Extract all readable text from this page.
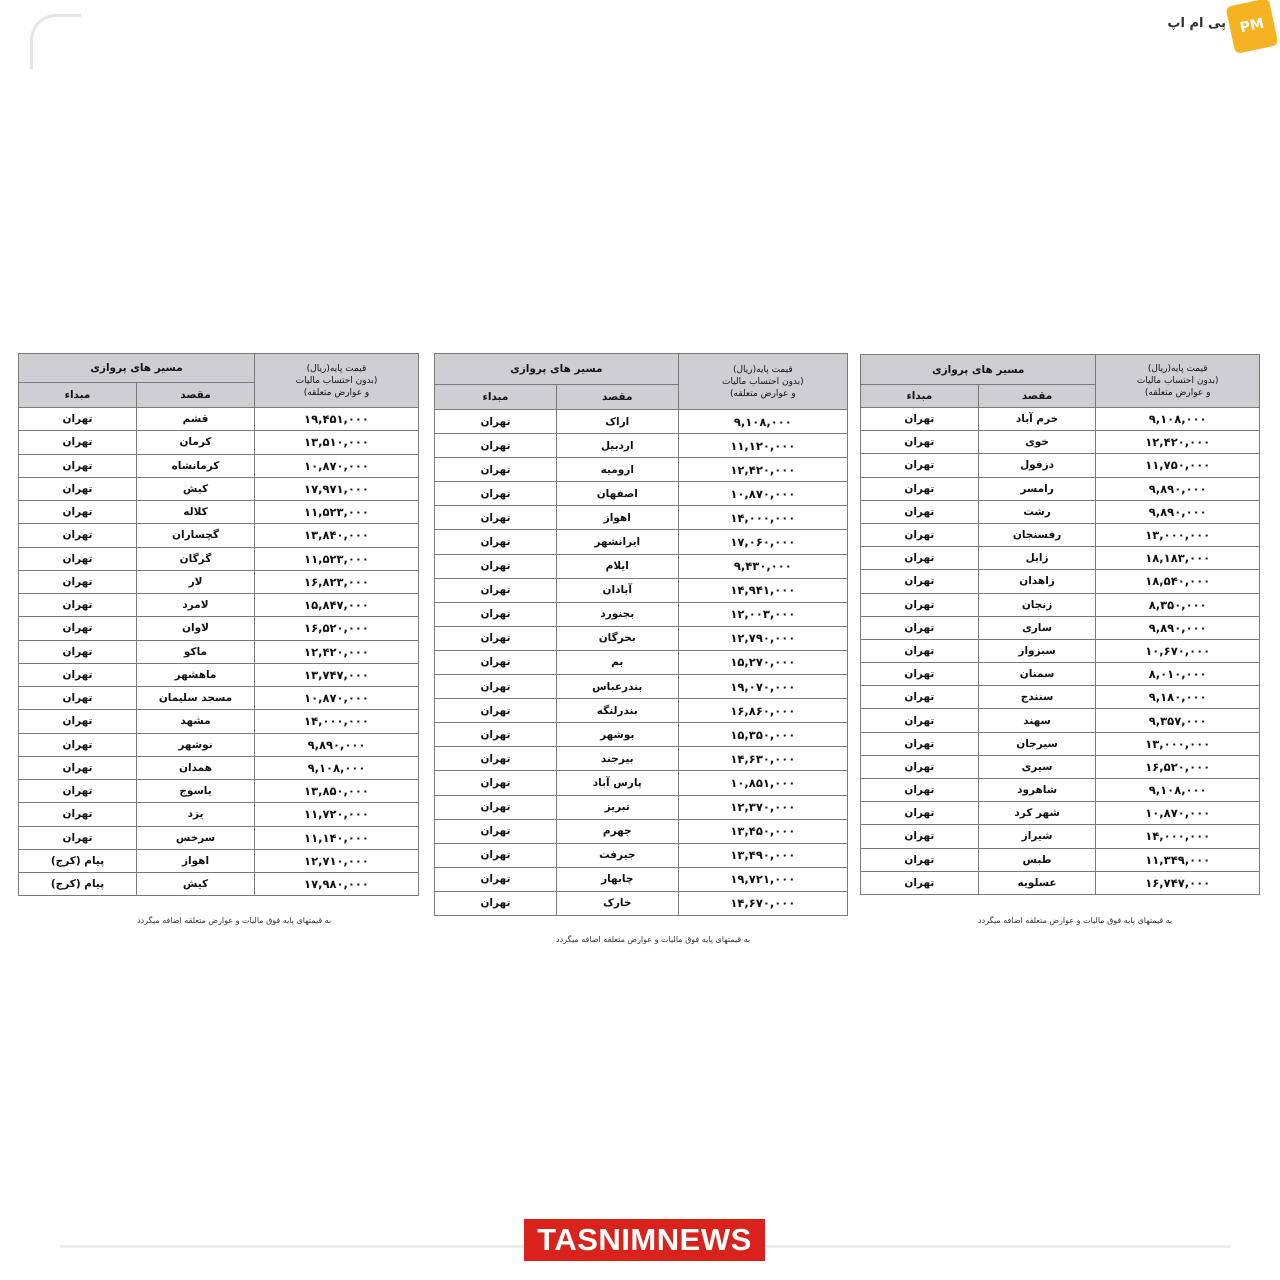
پی ام اپ PM UP
قیمت پایه(ریال)
(بدون احتساب مالیات
و عوارض متعلقه)	مسیر های پروازی	
	مقصد	مبداء
۹,۱۰۸,۰۰۰	خرم آباد	تهران
۱۲,۴۲۰,۰۰۰	خوی	تهران
۱۱,۷۵۰,۰۰۰	دزفول	تهران
۹,۸۹۰,۰۰۰	رامسر	تهران
۹,۸۹۰,۰۰۰	رشت	تهران
۱۳,۰۰۰,۰۰۰	رفسنجان	تهران
۱۸,۱۸۳,۰۰۰	زابل	تهران
۱۸,۵۴۰,۰۰۰	زاهدان	تهران
۸,۳۵۰,۰۰۰	زنجان	تهران
۹,۸۹۰,۰۰۰	ساری	تهران
۱۰,۶۷۰,۰۰۰	سبزوار	تهران
۸,۰۱۰,۰۰۰	سمنان	تهران
۹,۱۸۰,۰۰۰	سنندج	تهران
۹,۳۵۷,۰۰۰	سهند	تهران
۱۳,۰۰۰,۰۰۰	سیرجان	تهران
۱۶,۵۲۰,۰۰۰	سیری	تهران
۹,۱۰۸,۰۰۰	شاهرود	تهران
۱۰,۸۷۰,۰۰۰	شهر کرد	تهران
۱۴,۰۰۰,۰۰۰	شیراز	تهران
۱۱,۳۴۹,۰۰۰	طبس	تهران
۱۶,۷۴۷,۰۰۰	عسلویه	تهران
قیمت پایه(ریال)
(بدون احتساب مالیات
و عوارض متعلقه)	مسیر های پروازی	
	مقصد	مبداء
۹,۱۰۸,۰۰۰	اراک	تهران
۱۱,۱۲۰,۰۰۰	اردبیل	تهران
۱۲,۴۲۰,۰۰۰	ارومیه	تهران
۱۰,۸۷۰,۰۰۰	اصفهان	تهران
۱۴,۰۰۰,۰۰۰	اهواز	تهران
۱۷,۰۶۰,۰۰۰	ایرانشهر	تهران
۹,۴۳۰,۰۰۰	ایلام	تهران
۱۴,۹۴۱,۰۰۰	آبادان	تهران
۱۲,۰۰۳,۰۰۰	بجنورد	تهران
۱۲,۷۹۰,۰۰۰	بحرگان	تهران
۱۵,۲۷۰,۰۰۰	بم	تهران
۱۹,۰۷۰,۰۰۰	بندرعباس	تهران
۱۶,۸۶۰,۰۰۰	بندرلنگه	تهران
۱۵,۳۵۰,۰۰۰	بوشهر	تهران
۱۴,۶۳۰,۰۰۰	بیرجند	تهران
۱۰,۸۵۱,۰۰۰	پارس آباد	تهران
۱۲,۳۷۰,۰۰۰	تبریز	تهران
۱۳,۴۵۰,۰۰۰	جهرم	تهران
۱۳,۴۹۰,۰۰۰	جیرفت	تهران
۱۹,۷۲۱,۰۰۰	چابهار	تهران
۱۴,۶۷۰,۰۰۰	خارک	تهران
قیمت پایه(ریال)
(بدون احتساب مالیات
و عوارض متعلقه)	مسیر های پروازی	
	مقصد	مبداء
۱۹,۴۵۱,۰۰۰	قشم	تهران
۱۳,۵۱۰,۰۰۰	کرمان	تهران
۱۰,۸۷۰,۰۰۰	کرمانشاه	تهران
۱۷,۹۷۱,۰۰۰	کیش	تهران
۱۱,۵۲۳,۰۰۰	کلاله	تهران
۱۳,۸۴۰,۰۰۰	گچساران	تهران
۱۱,۵۲۳,۰۰۰	گرگان	تهران
۱۶,۸۲۳,۰۰۰	لار	تهران
۱۵,۸۴۷,۰۰۰	لامرد	تهران
۱۶,۵۲۰,۰۰۰	لاوان	تهران
۱۲,۴۲۰,۰۰۰	ماکو	تهران
۱۳,۷۴۷,۰۰۰	ماهشهر	تهران
۱۰,۸۷۰,۰۰۰	مسجد سلیمان	تهران
۱۴,۰۰۰,۰۰۰	مشهد	تهران
۹,۸۹۰,۰۰۰	نوشهر	تهران
۹,۱۰۸,۰۰۰	همدان	تهران
۱۳,۸۵۰,۰۰۰	یاسوج	تهران
۱۱,۷۲۰,۰۰۰	یزد	تهران
۱۱,۱۴۰,۰۰۰	سرخس	تهران
۱۲,۷۱۰,۰۰۰	اهواز	پیام (کرج)
۱۷,۹۸۰,۰۰۰	کیش	پیام (کرج)
به قیمتهای پایه فوق مالیات و عوارض متعلقه اضافه میگردد
به قیمتهای پایه فوق مالیات و عوارض متعلقه اضافه میگردد
به قیمتهای پایه فوق مالیات و عوارض متعلقه اضافه میگردد
TASNIMNEWS
